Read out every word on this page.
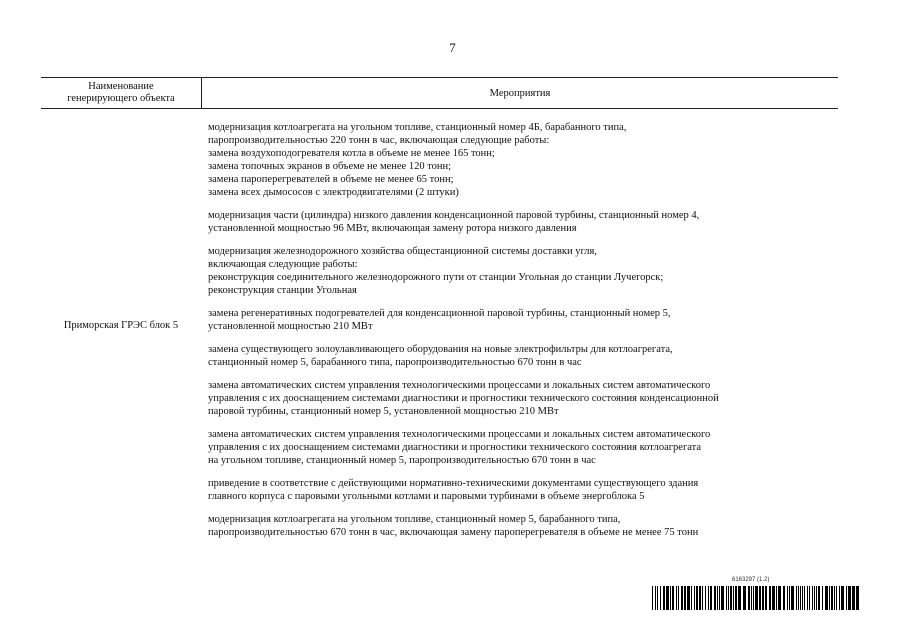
7
Наименование
генерирующего объекта	Мероприятия
Приморская ГРЭС блок 5
модернизация котлоагрегата на угольном топливе, станционный номер 4Б, барабанного типа,
паропроизводительностью 220 тонн в час, включающая следующие работы:
замена воздухоподогревателя котла в объеме не менее 165 тонн;
замена топочных экранов в объеме не менее 120 тонн;
замена пароперегревателей в объеме не менее 65 тонн;
замена всех дымососов с электродвигателями (2 штуки)
модернизация части (цилиндра) низкого давления конденсационной паровой турбины, станционный номер 4,
установленной мощностью 96 МВт, включающая замену ротора низкого давления
модернизация железнодорожного хозяйства общестанционной системы доставки угля,
включающая следующие работы:
реконструкция соединительного железнодорожного пути от станции Угольная до станции Лучегорск;
реконструкция станции Угольная
замена регенеративных подогревателей для конденсационной паровой турбины, станционный номер 5,
установленной мощностью 210 МВт
замена существующего золоулавливающего оборудования на новые электрофильтры для котлоагрегата,
станционный номер 5, барабанного типа, паропроизводительностью 670 тонн в час
замена автоматических систем управления технологическими процессами и локальных систем автоматического
управления с их дооснащением системами диагностики и прогностики технического состояния конденсационной
паровой турбины, станционный номер 5, установленной мощностью 210 МВт
замена автоматических систем управления технологическими процессами и локальных систем автоматического
управления с их дооснащением системами диагностики и прогностики технического состояния котлоагрегата
на угольном топливе, станционный номер 5, паропроизводительностью 670 тонн в час
приведение в соответствие с действующими нормативно-техническими документами существующего здания
главного корпуса с паровыми угольными котлами и паровыми турбинами в объеме энергоблока 5
модернизация котлоагрегата на угольном топливе, станционный номер 5, барабанного типа,
паропроизводительностью 670 тонн в час, включающая замену пароперегревателя в объеме не менее 75 тонн
6163297 (1.2)
